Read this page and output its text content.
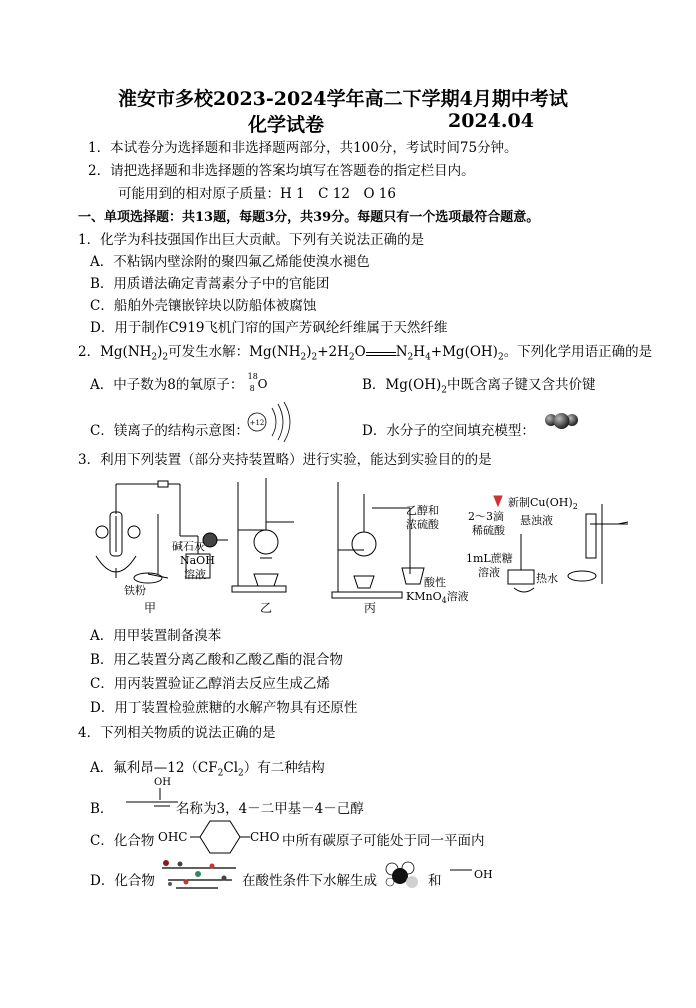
淮安市多校2023-2024学年高二下学期4月期中考试
化学试卷	2024.04
1．本试卷分为选择题和非选择题两部分，共100分，考试时间75分钟。
2．请把选择题和非选择题的答案均填写在答题卷的指定栏目内。
可能用到的相对原子质量：H 1　C 12　O 16
一、单项选择题：共13题，每题3分，共39分。每题只有一个选项最符合题意。
1．化学为科技强国作出巨大贡献。下列有关说法正确的是
A．不粘锅内壁涂附的聚四氟乙烯能使溴水褪色
B．用质谱法确定青蒿素分子中的官能团
C．船舶外壳镶嵌锌块以防船体被腐蚀
D．用于制作C919飞机门帘的国产芳砜纶纤维属于天然纤维
2．$Mg(NH_2)_2$可发生水解：$Mg(NH_2)_2+2H_2O$ $N_2H_4+Mg(OH)_2$。下列化学用语正确的是
A．中子数为8的氧原子：
18
8 O	B．$Mg(OH)_2$中既含离子键又含共价键
C．镁离子的结构示意图： +12	D．水分子的空间填充模型：
3．利用下列装置（部分夹持装置略）进行实验，能达到实验目的的是
碱石灰
NaOH
溶液
铁粉
甲	乙
乙醇和
浓硫酸
酸性
KMnO$_4$溶液
丙
2～3滴
稀硫酸
新制$Cu(OH)_2$
悬浊液
1mL蔗糖
溶液	热水
A．用甲装置制备溴苯
B．用乙装置分离乙酸和乙酸乙酯的混合物
C．用丙装置验证乙醇消去反应生成乙烯
D．用丁装置检验蔗糖的水解产物具有还原性
4．下列相关物质的说法正确的是
A．氟利昂$—12(CF_2Cl_2)$有二种结构
B．
OH
名称为3，4－二甲基－4－己醇
C．化合物 OHC	CHO 中所有碳原子可能处于同一平面内
D．化合物	在酸性条件下水解生成	和	OH
